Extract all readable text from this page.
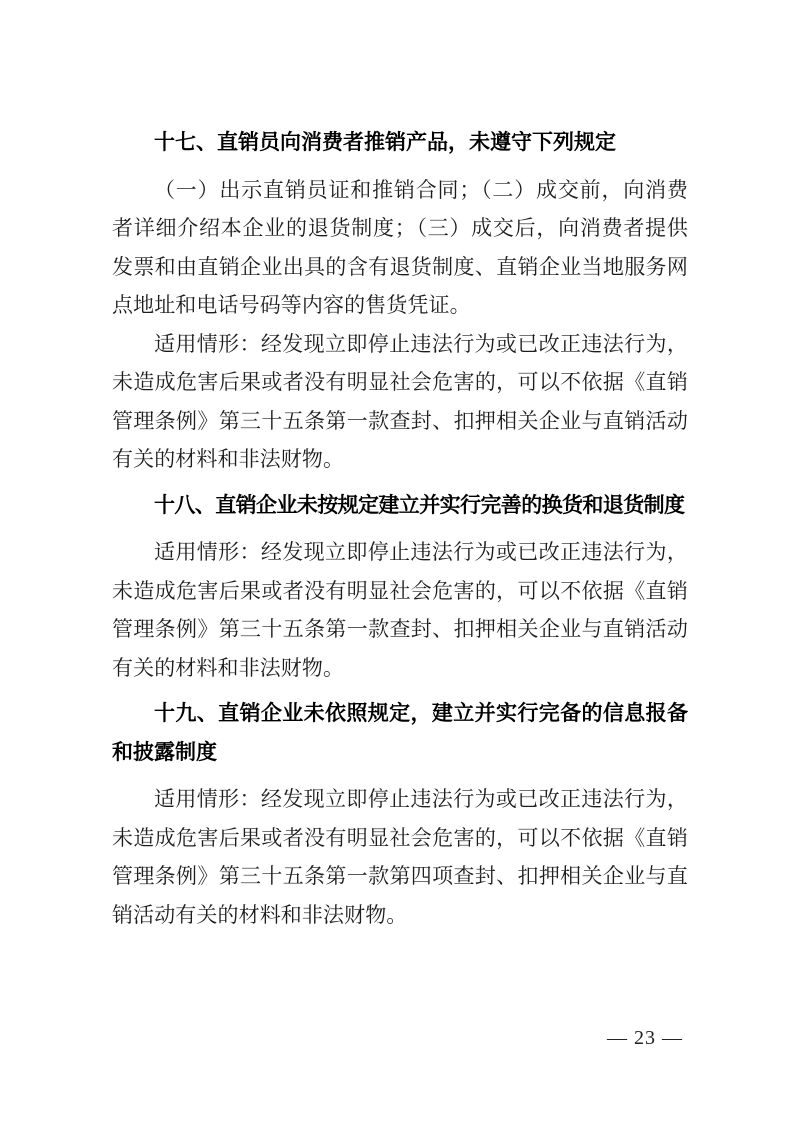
十七、直销员向消费者推销产品，未遵守下列规定

（一）出示直销员证和推销合同；（二）成交前，向消费者详细介绍本企业的退货制度；（三）成交后，向消费者提供发票和由直销企业出具的含有退货制度、直销企业当地服务网点地址和电话号码等内容的售货凭证。

适用情形：经发现立即停止违法行为或已改正违法行为，未造成危害后果或者没有明显社会危害的，可以不依据《直销管理条例》第三十五条第一款查封、扣押相关企业与直销活动有关的材料和非法财物。

十八、直销企业未按规定建立并实行完善的换货和退货制度

适用情形：经发现立即停止违法行为或已改正违法行为，未造成危害后果或者没有明显社会危害的，可以不依据《直销管理条例》第三十五条第一款查封、扣押相关企业与直销活动有关的材料和非法财物。

十九、直销企业未依照规定，建立并实行完备的信息报备和披露制度

适用情形：经发现立即停止违法行为或已改正违法行为，未造成危害后果或者没有明显社会危害的，可以不依据《直销管理条例》第三十五条第一款第四项查封、扣押相关企业与直销活动有关的材料和非法财物。

— 23 —
